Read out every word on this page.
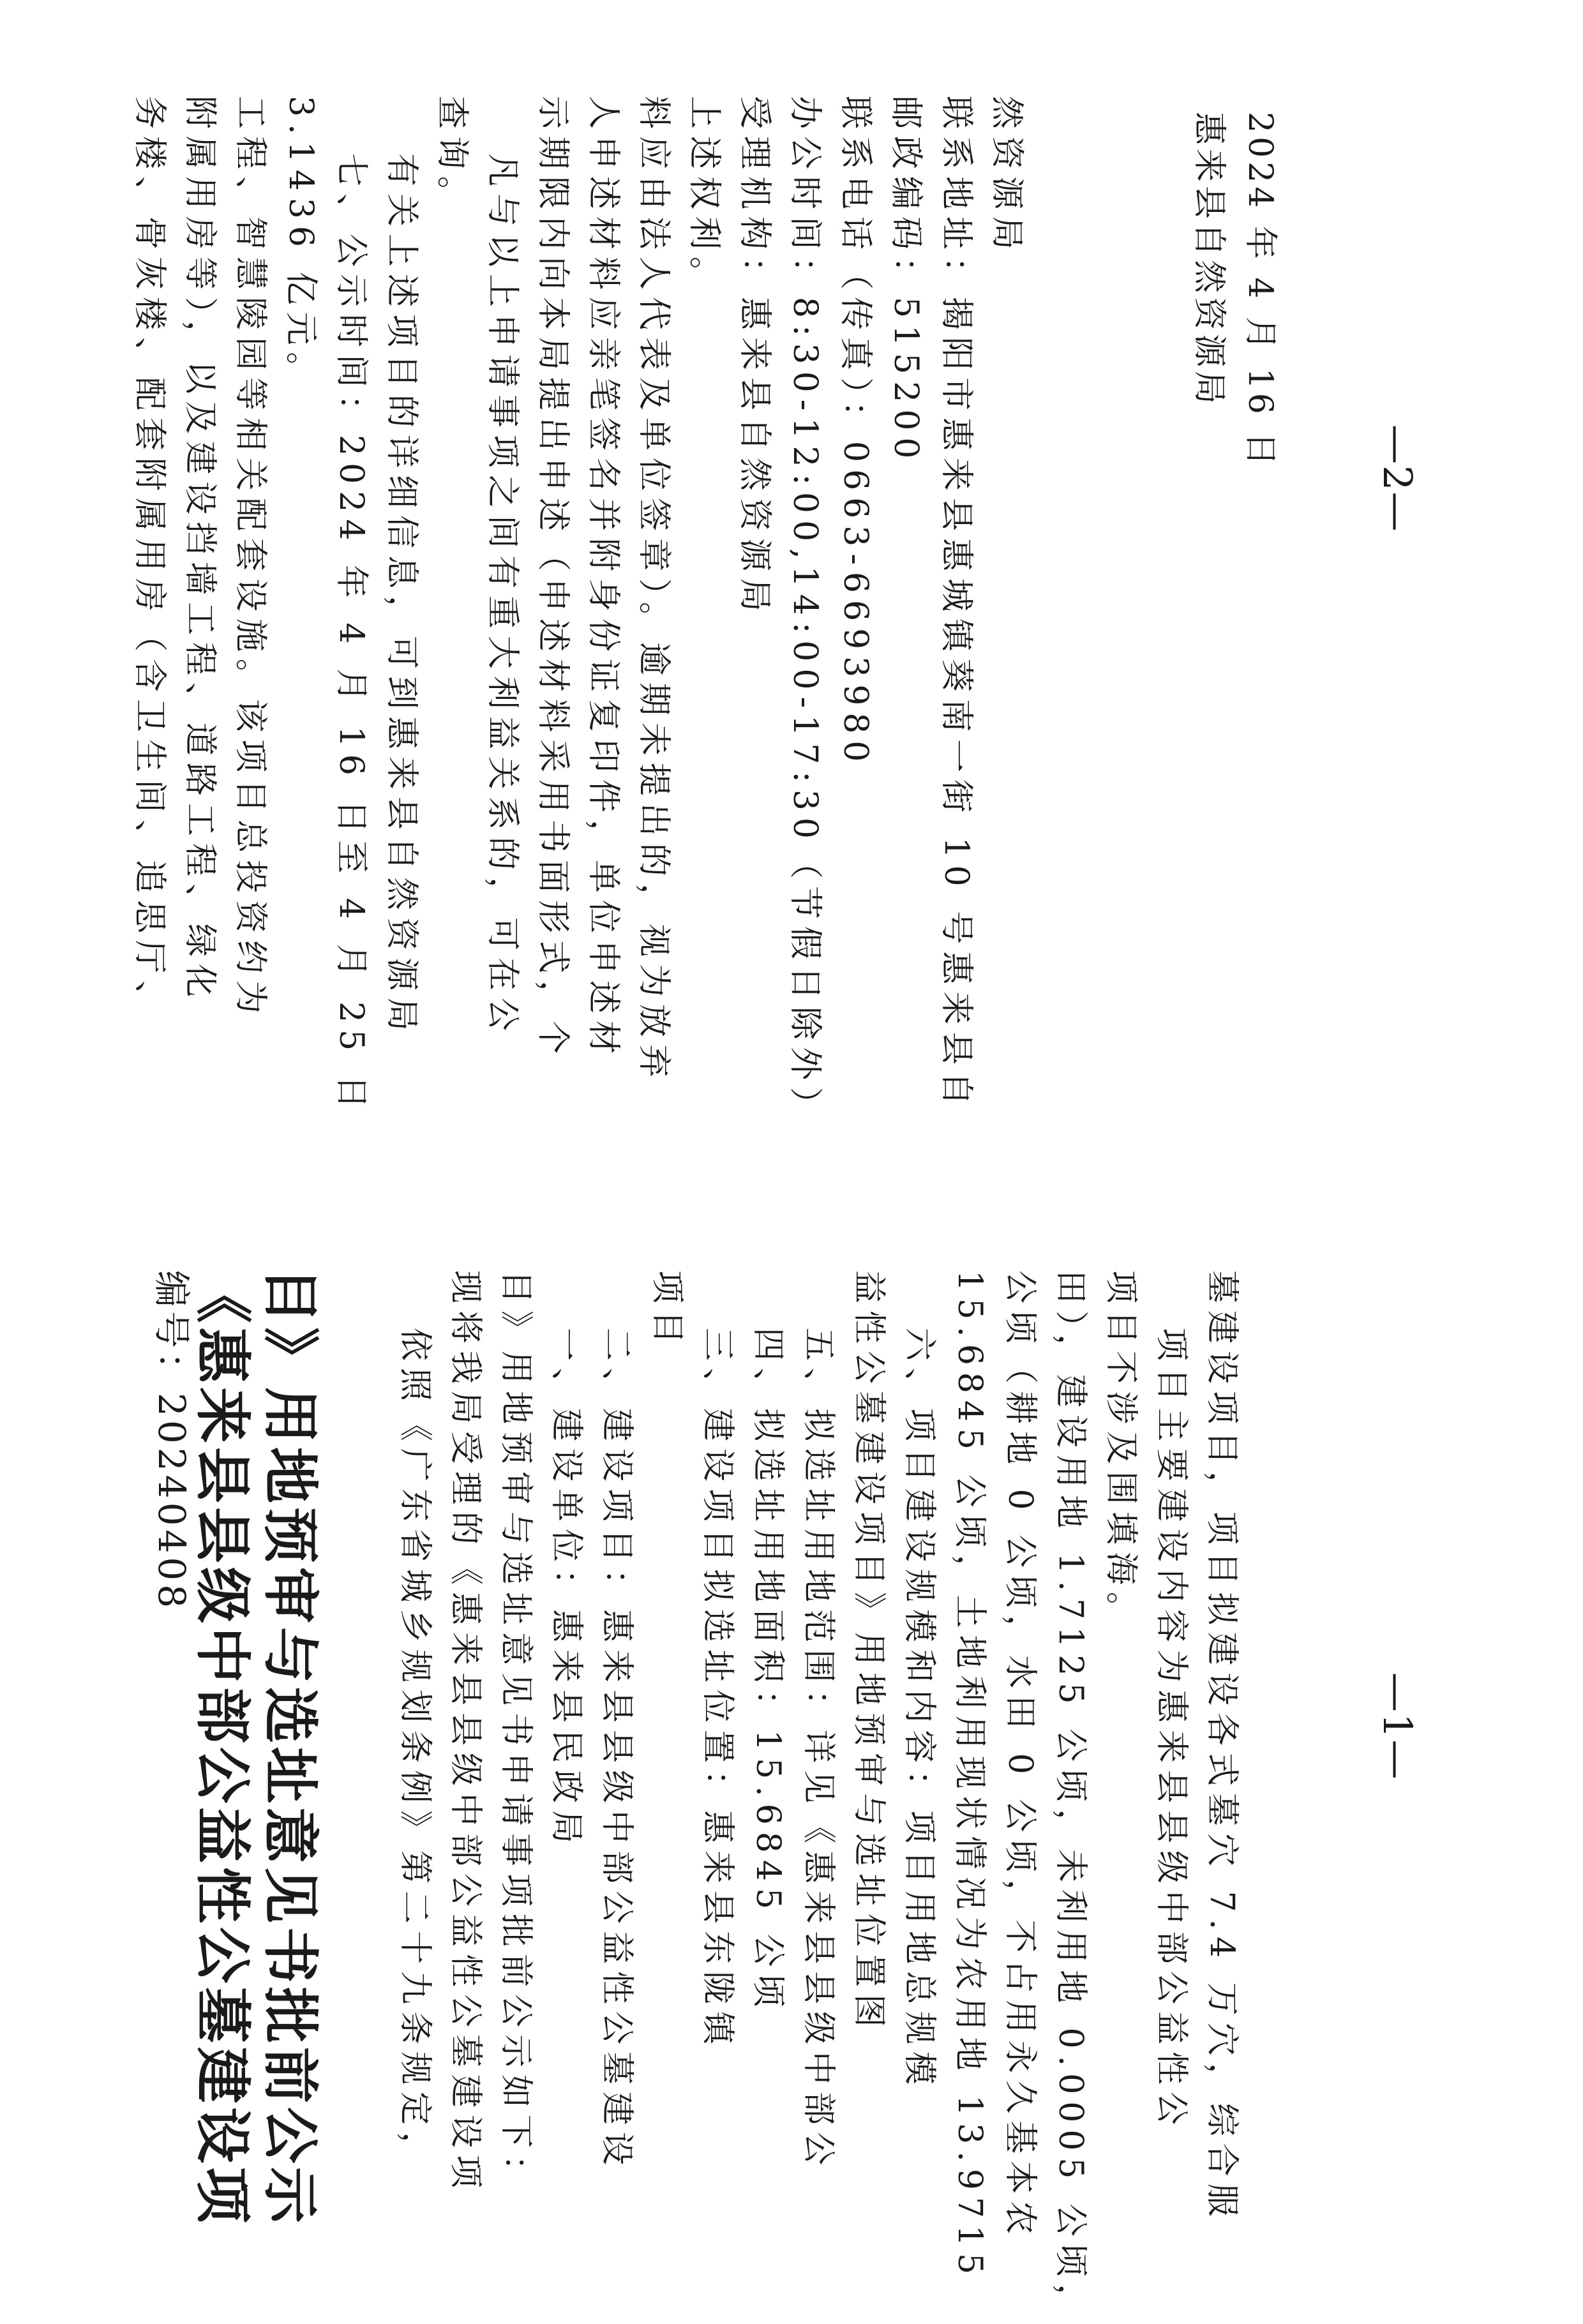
编号：20240408
《惠来县县级中部公益性公墓建设项 目》用地预审与选址意见书批前公示 依照《广东省城乡规划条例》第二十九条规定， 现将我局受理的《惠来县县级中部公益性公墓建设项 目》用地预审与选址意见书申请事项批前公示如下： 一、建设单位：惠来县民政局 二、建设项目：惠来县县级中部公益性公墓建设
项目
三、建设项目拟选址位置：惠来县东陇镇 四、拟选址用地面积：15.6845 公顷 五、拟选址用地范围：详见《惠来县县级中部公 益性公墓建设项目》用地预审与选址位置图 六、项目建设规模和内容：项目用地总规模 15.6845 公顷，土地利用现状情况为农用地 13.9715 公顷（耕地 0 公顷，水田 0 公顷，不占用永久基本农 田），建设用地 1.7125 公顷，未利用地 0.0005 公顷， 项目不涉及围填海。 项目主要建设内容为惠来县县级中部公益性公 墓建设项目，项目拟建设各式墓穴 7.4 万穴，综合服	—1—
务楼、骨灰楼、配套附属用房（含卫生间、追思厅、 附属用房等），以及建设挡墙工程、道路工程、绿化 工程、智慧陵园等相关配套设施。该项目总投资约为 3.1436 亿元。 七、公示时间：2024 年 4 月 16 日至 4 月 25 日 有关上述项目的详细信息，可到惠来县自然资源局 查询。 凡与以上申请事项之间有重大利益关系的，可在公 示期限内向本局提出申述（申述材料采用书面形式，个 人申述材料应亲笔签名并附身份证复印件，单位申述材 料应由法人代表及单位签章）。逾期未提出的，视为放弃 上述权利。 受理机构：惠来县自然资源局 办公时间：8:30-12:00,14:00-17:30（节假日除外） 联系电话（传真）：0663-6693980 邮政编码：515200 联系地址：揭阳市惠来县惠城镇葵南一街 10 号惠来县自 然资源局	惠来县自然资源局 2024 年 4 月 16 日
—2—
